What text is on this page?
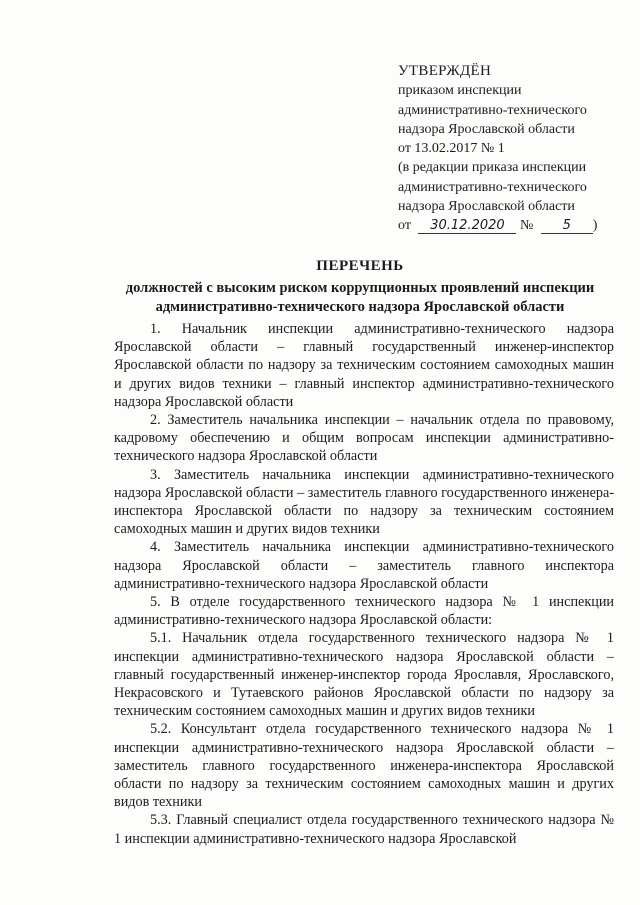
УТВЕРЖДЁН
приказом инспекции
административно-технического
надзора Ярославской области
от 13.02.2017 № 1
(в редакции приказа инспекции
административно-технического
надзора Ярославской области
от 30.12.2020 № 5 )
ПЕРЕЧЕНЬ
должностей с высоким риском коррупционных проявлений инспекции административно-технического надзора Ярославской области

1. Начальник инспекции административно-технического надзора Ярославской области – главный государственный инженер-инспектор Ярославской области по надзору за техническим состоянием самоходных машин и других видов техники – главный инспектор административно-технического надзора Ярославской области

2. Заместитель начальника инспекции – начальник отдела по правовому, кадровому обеспечению и общим вопросам инспекции административно-технического надзора Ярославской области

3. Заместитель начальника инспекции административно-технического надзора Ярославской области – заместитель главного государственного инженера-инспектора Ярославской области по надзору за техническим состоянием самоходных машин и других видов техники

4. Заместитель начальника инспекции административно-технического надзора Ярославской области – заместитель главного инспектора административно-технического надзора Ярославской области

5. В отделе государственного технического надзора № 1 инспекции административно-технического надзора Ярославской области:

5.1. Начальник отдела государственного технического надзора № 1 инспекции административно-технического надзора Ярославской области – главный государственный инженер-инспектор города Ярославля, Ярославского, Некрасовского и Тутаевского районов Ярославской области по надзору за техническим состоянием самоходных машин и других видов техники

5.2. Консультант отдела государственного технического надзора № 1 инспекции административно-технического надзора Ярославской области – заместитель главного государственного инженера-инспектора Ярославской области по надзору за техническим состоянием самоходных машин и других видов техники

5.3. Главный специалист отдела государственного технического надзора № 1 инспекции административно-технического надзора Ярославской
